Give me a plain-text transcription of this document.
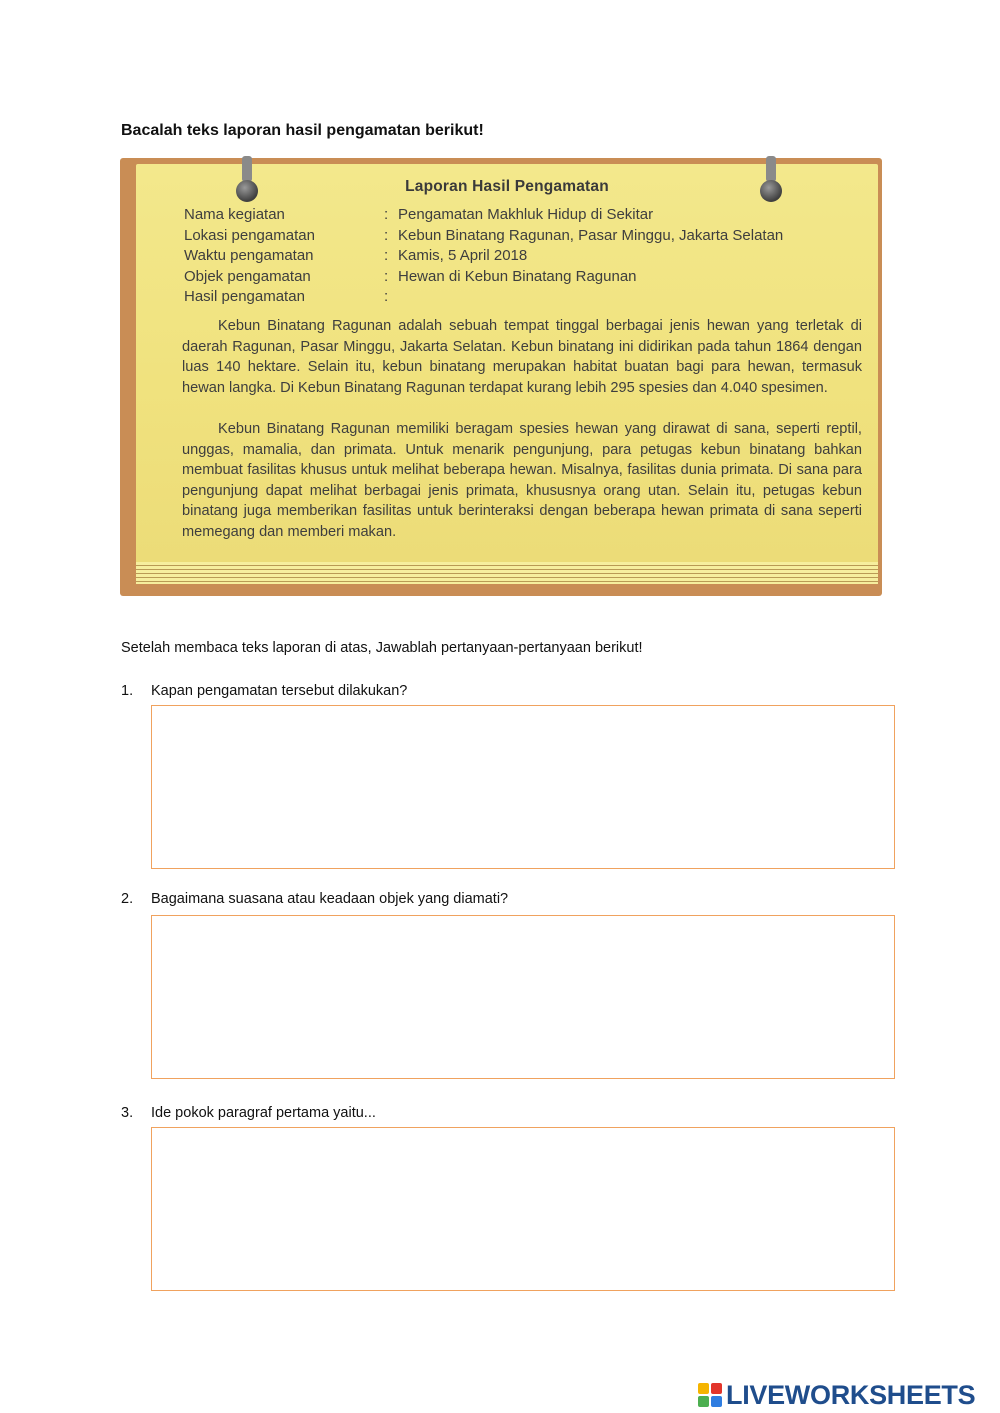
Bacalah teks laporan hasil pengamatan berikut!
Laporan Hasil Pengamatan
Nama kegiatan	: Pengamatan Makhluk Hidup di Sekitar
Lokasi pengamatan	: Kebun Binatang Ragunan, Pasar Minggu, Jakarta Selatan
Waktu pengamatan	: Kamis, 5 April 2018
Objek pengamatan	: Hewan di Kebun Binatang Ragunan
Hasil pengamatan	:

Kebun Binatang Ragunan adalah sebuah tempat tinggal berbagai jenis hewan yang terletak di daerah Ragunan, Pasar Minggu, Jakarta Selatan. Kebun binatang ini didirikan pada tahun 1864 dengan luas 140 hektare. Selain itu, kebun binatang merupakan habitat buatan bagi para hewan, termasuk hewan langka. Di Kebun Binatang Ragunan terdapat kurang lebih 295 spesies dan 4.040 spesimen.

Kebun Binatang Ragunan memiliki beragam spesies hewan yang dirawat di sana, seperti reptil, unggas, mamalia, dan primata. Untuk menarik pengunjung, para petugas kebun binatang bahkan membuat fasilitas khusus untuk melihat beberapa hewan. Misalnya, fasilitas dunia primata. Di sana para pengunjung dapat melihat berbagai jenis primata, khususnya orang utan. Selain itu, petugas kebun binatang juga memberikan fasilitas untuk berinteraksi dengan beberapa hewan primata di sana seperti memegang dan memberi makan.

Setelah membaca teks laporan di atas, Jawablah pertanyaan-pertanyaan berikut!
1. Kapan pengamatan tersebut dilakukan?
2. Bagaimana suasana atau keadaan objek yang diamati?
3. Ide pokok paragraf pertama yaitu...
LIVEWORKSHEETS
